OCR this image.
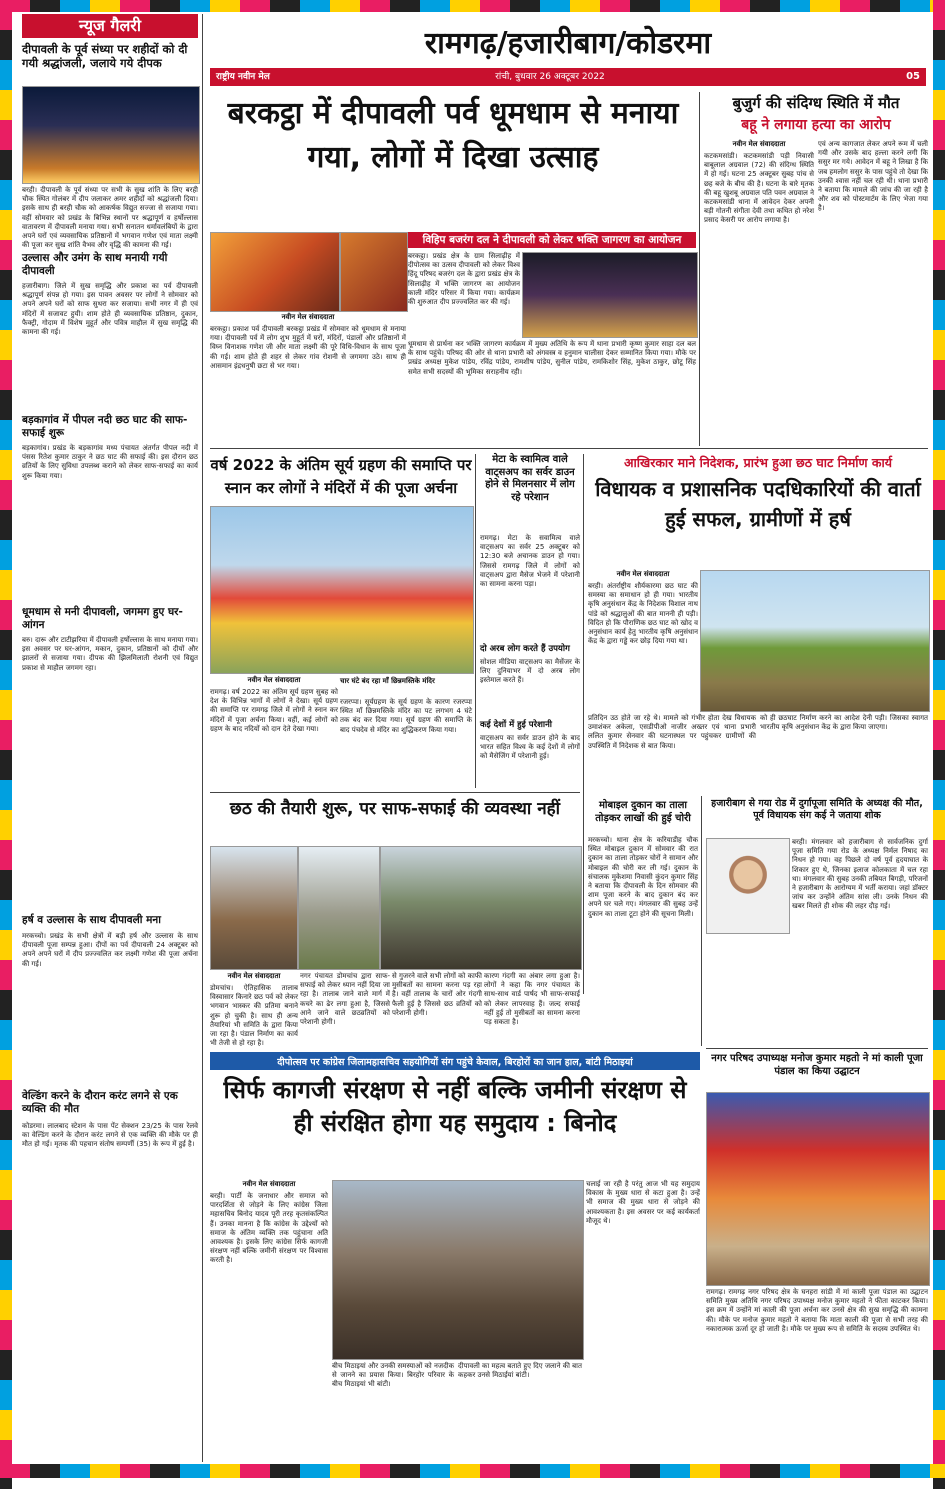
न्यूज गैलरी
दीपावली के पूर्व संध्या पर शहीदों को दी गयी श्रद्धांजली, जलाये गये दीपक
बरही। दीपावली के पूर्व संध्या पर सभी के सुख शांति के लिए बरही चौक स्थित गोलंबर में दीप जलाकर अमर शहीदों को श्रद्धांजली दिया। इसके साथ ही बरही चौक को आकर्षक विद्युत सज्जा से सजाया गया। वहीं सोमवार को प्रखंड के बिभिन्न स्थानों पर श्रद्धापूर्ण व हर्षोल्लास वातावरण में दीपावली मनाया गया। सभी सनातन धर्मावलंबियों के द्वारा अपने घरों एवं व्यवसायिक प्रतिष्ठानों में भगवान गणेश एवं माता लक्ष्मी की पूजा कर सुख शांति वैभव और वृद्धि की कामना की गई।
उल्लास और उमंग के साथ मनायी गयी दीपावली
हजारीबाग। जिले में सुख समृद्धि और प्रकाश का पर्व दीपावली श्रद्धापूर्ण संपन्न हो गया। इस पावन अवसर पर लोगों ने सोमवार को अपने अपने घरों को साफ सुथरा कर सजाया। सभी नगर में ही एवं मंदिरों में सजावट हुयी। शाम होते ही व्यवसायिक प्रतिष्ठान, दुकान, फैक्ट्री, गोदाम में विशेष मुहूर्त और पवित्र माहौल में सुख समृद्धि की कामना की गई।
बड़कागांव में पीपल नदी छठ घाट की साफ-सफाई शुरू
बड़कागांव। प्रखंड के बड़कागांव मध्य पंचायत अंतर्गत पीपल नदी में पंसस रितेश कुमार ठाकुर ने छठ घाट की सफाई की। इस दौरान छठ व्रतियों के लिए सुविधा उपलब्ध कराने को लेकर साफ-सफाई का कार्य शुरू किया गया।
धूमधाम से मनी दीपावली, जगमग हुए घर-आंगन
बरु। दारू और टाटीझरिया में दीपावली हर्षोल्लास के साथ मनाया गया। इस अवसर पर घर-आंगन, मकान, दुकान, प्रतिष्ठानों को दीयों और झालरों से सजाया गया। दीपक की झिलमिलाती रोशनी एवं विद्युत प्रकाश से माहौल जगमग रहा।
हर्ष व उल्लास के साथ दीपावली मना
मरकच्चो। प्रखंड के सभी क्षेत्रों में बड़ी हर्ष और उल्लास के साथ दीपावली पूजा सम्पन्न हुआ। दीपों का पर्व दीपावली 24 अक्टूबर को अपने अपने घरों में दीप प्रज्ज्वलित कर लक्ष्मी गणेश की पूजा अर्चना की गई।
वेल्डिंग करने के दौरान करंट लगने से एक व्यक्ति की मौत
कोडरमा। लालबाद स्टेशन के पास पेंट सेक्शन 23/25 के पास रेलवे का वेल्डिंग करने के दौरान करंट लगने से एक व्यक्ति की मौके पर ही मौत हो गई। मृतक की पहचान संतोष सम्पर्णी (35) के रूप में हुई है।
रामगढ़/हजारीबाग/कोडरमा
राष्ट्रीय नवीन मेल	रांची, बुधवार 26 अक्टूबर 2022	05
बरकट्ठा में दीपावली पर्व धूमधाम से मनाया गया, लोगों में दिखा उत्साह
नवीन मेल संवाददाता
बरकट्ठा। प्रकाश पर्व दीपावली बरकट्ठा प्रखंड में सोमवार को धूमधाम से मनाया गया। दीपावली पर्व में लोग शुभ मुहूर्त में घरों, मंदिरों, पंडालों और प्रतिष्ठानों में विघ्न विनाशक गणेश जी और माता लक्ष्मी की पूरे विधि-विधान के साथ पूजा की गई। शाम होते ही शहर से लेकर गांव रोशनी से जगमगा उठे। साथ ही आसमान इंद्रधनुषी छटा से भर गया।
विहिप बजरंग दल ने दीपावली को लेकर भक्ति जागरण का आयोजन
बरकट्ठा। प्रखंड क्षेत्र के ग्राम सिलाढ़ीह में दीपोत्सव का उत्सव दीपावली को लेकर विश्व हिंदू परिषद बजरंग दल के द्वारा प्रखंड क्षेत्र के सिलाढ़ीह में भक्ति जागरण का आयोजन काली मंदिर परिसर में किया गया। कार्यक्रम की शुरुआत दीप प्रज्ज्वलित कर की गई।
धूमधाम से प्रार्थना कर भक्ति जागरण कार्यक्रम में मुख्य अतिथि के रूप में थाना प्रभारी कृष्ण कुमार साहा दल बल के साथ पहुंचे। परिषद की ओर से थाना प्रभारी को अंगवस्त्र व हनुमान चालीसा देकर सम्मानित किया गया। मौके पर प्रखंड अध्यक्ष मुकेश पांडेय, रविंद्र पांडेय, रामशीष पांडेय, सुनील पांडेय, रामकिशोर सिंह, मुकेश ठाकुर, छोटू सिंह समेत सभी सदस्यों की भूमिका सराहनीय रही।
बुजुर्ग की संदिग्ध स्थिति में मौत
बहू ने लगाया हत्या का आरोप
नवीन मेल संवाददाता
कटकमसांडी। कटकमसांडी पड़ी निवासी बाबूलाल अग्रवाल (72) की संदिग्ध स्थिति में हो गई। घटना 25 अक्टूबर सुबह पांच से छह बजे के बीच की है। घटना के बारे मृतक की बहू खुशबू अग्रवाल पति पवन अग्रवाल ने कटकमसांडी थाना में आवेदन देकर अपनी बड़ी गोतनी संगीता देवी तथा कथित हो नरेश प्रसाद केसरी पर आरोप लगाया है।
एवं अन्य कागजात लेकर अपने रूम में चली गयी और उसके बाद हल्ला करने लगी कि ससुर मर गये। आवेदन में बहू ने लिखा है कि जब हमलोग ससुर के पास पहुंचे तो देखा कि उनकी श्वास नहीं चल रही थी। थाना प्रभारी ने बताया कि मामले की जांच की जा रही है और शव को पोस्टमार्टम के लिए भेजा गया है।
वर्ष 2022 के अंतिम सूर्य ग्रहण की समाप्ति पर स्नान कर लोगों ने मंदिरों में की पूजा अर्चना
नवीन मेल संवाददाता
रामगढ़। वर्ष 2022 का अंतिम सूर्य ग्रहण सुबह को देश के विभिन्न भागों में लोगों ने देखा। सूर्य ग्रहण की समाप्ति पर रामगढ़ जिले में लोगों ने स्नान कर मंदिरों में पूजा अर्चना किया। वहीं, कई लोगों को ग्रहण के बाद नदियों को दान देते देखा गया।
चार घंटे बंद रहा माँ छिन्नमस्तिके मंदिर
रजरप्पा। सूर्यग्रहण के सूर्य ग्रहण के कारण रजरप्पा स्थित माँ छिन्नमस्तिके मंदिर का पट लगभग 4 घंटे तक बंद कर दिया गया। सूर्य ग्रहण की समाप्ति के बाद पंचदेव से मंदिर का शुद्धिकरण किया गया।
मेटा के स्वामित्व वाले वाट्सअप का सर्वर डाउन होने से मिलनसार में लोग रहे परेशान
रामगढ़। मेटा के सवामित्व वाले वाट्सअप का सर्वर 25 अक्टूबर को 12:30 बजे अचानक डाउन हो गया। जिससे रामगढ़ जिले में लोगों को वाट्सअप द्वारा मैसेज भेजने में परेशानी का सामना करना पड़ा।
दो अरब लोग करते हैं उपयोग
सोशल मीडिया वाट्सअप का मैसेंजर के लिए दुनियाभर में दो अरब लोग इस्तेमाल करते हैं।
कई देशों में हुई परेशानी
वाट्सअप का सर्वर डाउन होने के बाद भारत सहित विश्व के कई देशों में लोगों को मैसेजिंग में परेशानी हुई।
आखिरकार माने निदेशक, प्रारंभ हुआ छठ घाट निर्माण कार्य
विधायक व प्रशासनिक पदधिकारियों की वार्ता हुई सफल, ग्रामीणों में हर्ष
नवीन मेल संवाददाता
बरही। अंतर्राष्ट्रीय शौर्यकारमा छठ घाट की समस्या का समाधान हो ही गया। भारतीय कृषि अनुसंधान केंद्र के निदेशक विशाल नाथ पांडे को श्रद्धालुओं की बात माननी ही पड़ी। विदित हो कि पौराणिक छठ घाट को खोद व अनुसंधान कार्य हेतु भारतीय कृषि अनुसंधान केंद्र के द्वारा गड्ढे कर छोड़ दिया गया था।
प्रतिदिन उठ होते जा रहे थे। मामले को गंभीर होता देख विधायक उमाशंकर अकेला, एसडीपीओ नाजीर अख्तर एवं थाना प्रभारी ललित कुमार सेनवार की घटनास्थल पर पहुंचकर ग्रामीणों की उपस्थिति में निदेशक से बात किया।
को ही छठघाट निर्माण करने का आदेश देनी पड़ी। जिसका स्वागत भारतीय कृषि अनुसंधान केंद्र के द्वारा किया जाएगा।
छठ की तैयारी शुरू, पर साफ-सफाई की व्यवस्था नहीं
नवीन मेल संवाददाता
डोमचांच। ऐतिहासिक तालाब विस्वासार किनारे छठ पर्व को लेकर भगवान भास्कर की प्रतिमा बनाने शुरू हो चुकी है। साथ ही अन्य तैयारियां भी समिति के द्वारा किया जा रहा है। पंडाल निर्माण का कार्य भी तेजी से हो रहा है।
नगर पंचायत डोमचांच द्वारा साफ-सफाई को लेकर ध्यान नहीं दिया जा रहा है। तालाब जाने वाले मार्ग में कचरे का ढेर लगा हुआ है, जिससे आने जाने वाले छठव्रतियों को परेशानी होगी।
से गुजरने वाले सभी लोगों को काफी मुसीबतों का सामना करना पड़ रहा है। वहीं तालाब के चारों ओर गंदगी फैली हुई है जिससे छठ व्रतियों को परेशानी होगी।
कारण गंदगी का अंबार लगा हुआ है। लोगों ने कहा कि नगर पंचायत के साथ-साथ वार्ड पार्षद भी साफ-सफाई को लेकर लापरवाह हैं। जल्द सफाई नहीं हुई तो मुसीबतों का सामना करना पड़ सकता है।
मोबाइल दुकान का ताला तोड़कर लाखों की हुई चोरी
मरकच्चो। थाना क्षेत्र के करियाडीह चौक स्थित मोबाइल दुकान में सोमवार की रात दुकान का ताला तोड़कर चोरों ने सामान और मोबाइल की चोरी कर ली गई। दुकान के संचालक मुकेशमा निवासी कुंदन कुमार सिंह ने बताया कि दीपावली के दिन सोमवार की शाम पूजा करने के बाद दुकान बंद कर अपने घर चले गए। मंगलवार की सुबह उन्हें दुकान का ताला टूटा होने की सूचना मिली।
हजारीबाग से गया रोड में दुर्गापूजा समिति के अध्यक्ष की मौत, पूर्व विधायक संग कई ने जताया शोक
बरही। मंगलवार को हजारीबाग से सार्वजनिक दुर्गा पूजा समिति गया रोड के अध्यक्ष निर्मल निषाद का निधन हो गया। वह पिछले दो वर्ष पूर्व हृदयाघात के शिकार हुए थे, जिनका इलाज कोलकाता में चल रहा था। मंगलवार की सुबह उनकी तबियत बिगड़ी, परिजनों ने हजारीबाग के आरोग्यम में भर्ती कराया। जहां डॉक्टर जांच कर उन्होंने अंतिम सांस ली। उनके निधन की खबर मिलते ही शोक की लहर दौड़ गई।
नगर परिषद उपाध्यक्ष मनोज कुमार महतो ने मां काली पूजा पंडाल का किया उद्घाटन
रामगढ़। रामगढ़ नगर परिषद क्षेत्र के घनहरा सांडी में मां काली पूजा पंडाल का उद्घाटन समिति मुख्य अतिथि नगर परिषद उपाध्यक्ष मनोज कुमार महतो ने फीता काटकर किया। इस क्रम में उन्होंने मां काली की पूजा अर्चना कर उनसे क्षेत्र की सुख समृद्धि की कामना की। मौके पर मनोज कुमार महतो ने बताया कि माता काली की पूजा से सभी तरह की नकारात्मक ऊर्जा दूर हो जाती है। मौके पर मुख्य रूप से समिति के सदस्य उपस्थित थे।
दीपोत्सव पर कांग्रेस जिलामहासचिव सहयोगियों संग पहुंचे केवाल, बिरहोरों का जान हाल, बांटी मिठाइयां
सिर्फ कागजी संरक्षण से नहीं बल्कि जमीनी संरक्षण से ही संरक्षित होगा यह समुदाय : बिनोद
नवीन मेल संवाददाता
बरही। पार्टी के जनाधार और समाज को पारदर्शिता से जोड़ने के लिए कांग्रेस जिला महासचिव बिनोद यादव पूरी तरह कृतसंकल्पित हैं। उनका मानना है कि कांग्रेस के उद्देश्यों को समाज के अंतिम व्यक्ति तक पहुंचाना अति आवश्यक है। इसके लिए कांग्रेस सिर्फ कागजी संरक्षण नहीं बल्कि जमीनी संरक्षण पर विश्वास करती है।
बीच मिठाइयां और उनकी समस्याओं को नजदीक से जानने का प्रयास किया। बिरहोर परिवार के बीच मिठाइयां भी बांटी।
दीपावली का महत्व बताते हुए दिए जलाने की बात कहकर उनसे मिठाईयां बांटी।
चलाई जा रही है परंतु आज भी यह समुदाय विकास के मुख्य धारा से कटा हुआ है। उन्हें भी समाज की मुख्य धारा से जोड़ने की आवश्यकता है। इस अवसर पर कई कार्यकर्ता मौजूद थे।
